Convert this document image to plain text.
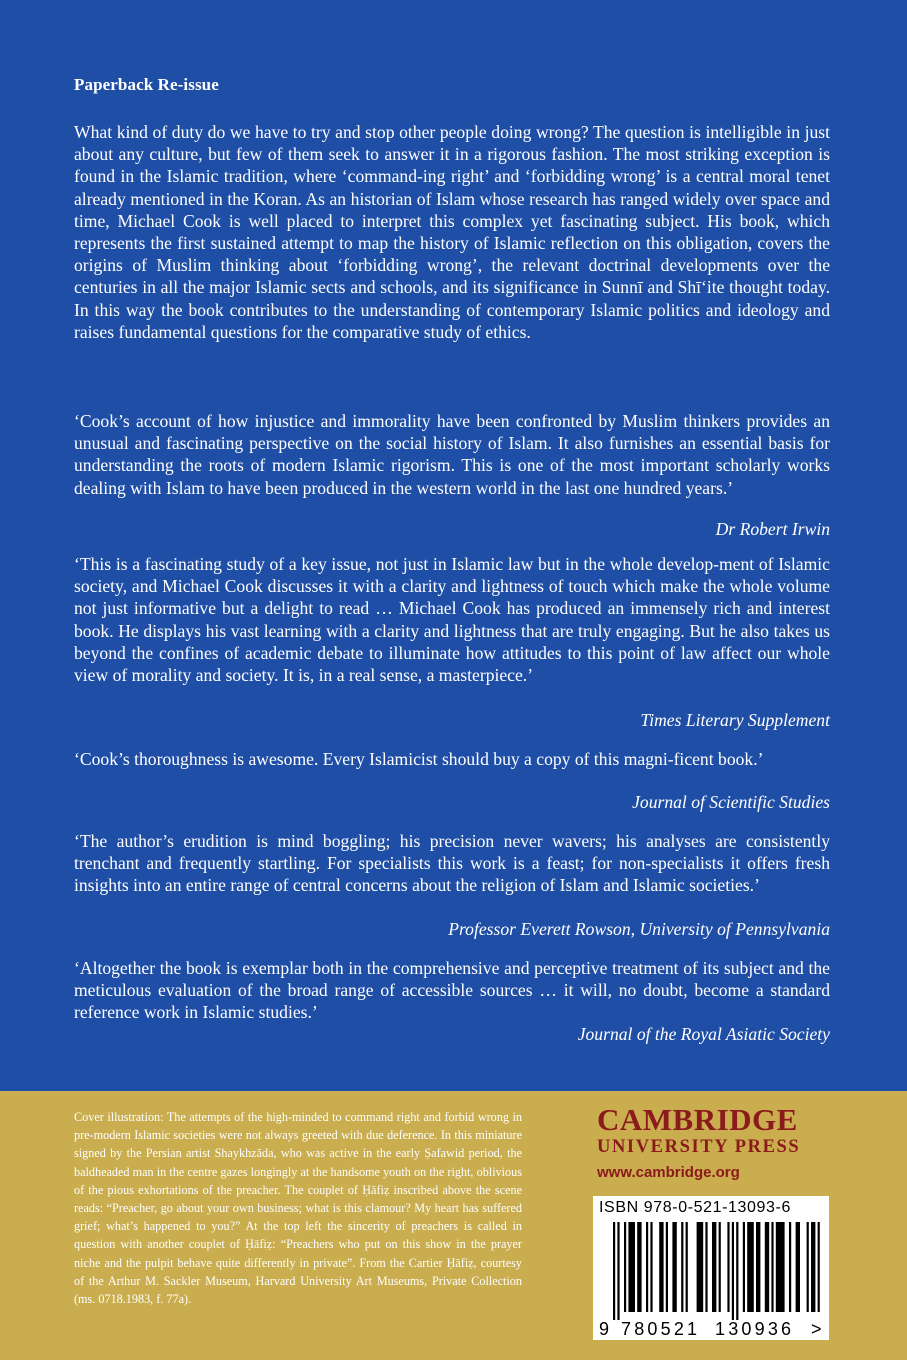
Paperback Re-issue
What kind of duty do we have to try and stop other people doing wrong? The question is intelligible in just about any culture, but few of them seek to answer it in a rigorous fashion. The most striking exception is found in the Islamic tradition, where ‘command-ing right’ and ‘forbidding wrong’ is a central moral tenet already mentioned in the Koran. As an historian of Islam whose research has ranged widely over space and time, Michael Cook is well placed to interpret this complex yet fascinating subject. His book, which represents the first sustained attempt to map the history of Islamic reflection on this obligation, covers the origins of Muslim thinking about ‘forbidding wrong’, the relevant doctrinal developments over the centuries in all the major Islamic sects and schools, and its significance in Sunnī and Shī‘ite thought today. In this way the book contributes to the understanding of contemporary Islamic politics and ideology and raises fundamental questions for the comparative study of ethics.
‘Cook’s account of how injustice and immorality have been confronted by Muslim thinkers provides an unusual and fascinating perspective on the social history of Islam. It also furnishes an essential basis for understanding the roots of modern Islamic rigorism. This is one of the most important scholarly works dealing with Islam to have been produced in the western world in the last one hundred years.’
Dr Robert Irwin
‘This is a fascinating study of a key issue, not just in Islamic law but in the whole develop-ment of Islamic society, and Michael Cook discusses it with a clarity and lightness of touch which make the whole volume not just informative but a delight to read … Michael Cook has produced an immensely rich and interest book. He displays his vast learning with a clarity and lightness that are truly engaging. But he also takes us beyond the confines of academic debate to illuminate how attitudes to this point of law affect our whole view of morality and society. It is, in a real sense, a masterpiece.’
Times Literary Supplement
‘Cook’s thoroughness is awesome. Every Islamicist should buy a copy of this magni-ficent book.’
Journal of Scientific Studies
‘The author’s erudition is mind boggling; his precision never wavers; his analyses are consistently trenchant and frequently startling. For specialists this work is a feast; for non-specialists it offers fresh insights into an entire range of central concerns about the religion of Islam and Islamic societies.’
Professor Everett Rowson, University of Pennsylvania
‘Altogether the book is exemplar both in the comprehensive and perceptive treatment of its subject and the meticulous evaluation of the broad range of accessible sources … it will, no doubt, become a standard reference work in Islamic studies.’
Journal of the Royal Asiatic Society
Cover illustration: The attempts of the high-minded to command right and forbid wrong in pre-modern Islamic societies were not always greeted with due deference. In this miniature signed by the Persian artist Shaykhzāda, who was active in the early Ṣafawid period, the baldheaded man in the centre gazes longingly at the handsome youth on the right, oblivious of the pious exhortations of the preacher. The couplet of Ḥāfiẓ inscribed above the scene reads: “Preacher, go about your own business; what is this clamour? My heart has suffered grief; what’s happened to you?” At the top left the sincerity of preachers is called in question with another couplet of Ḥāfiẓ: “Preachers who put on this show in the prayer niche and the pulpit behave quite differently in private”. From the Cartier Ḥāfiẓ, courtesy of the Arthur M. Sackler Museum, Harvard University Art Museums, Private Collection (ms. 0718.1983, f. 77a).
CAMBRIDGE
UNIVERSITY PRESS
www.cambridge.org
ISBN 978-0-521-13093-6
9 780521 130936 >
